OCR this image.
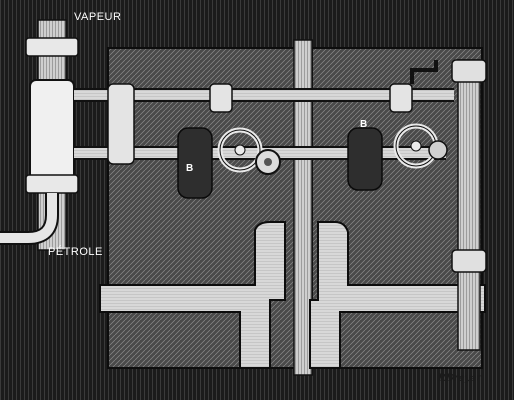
VAPEUR
PÉTROLE
B
B
P.Dreyer
